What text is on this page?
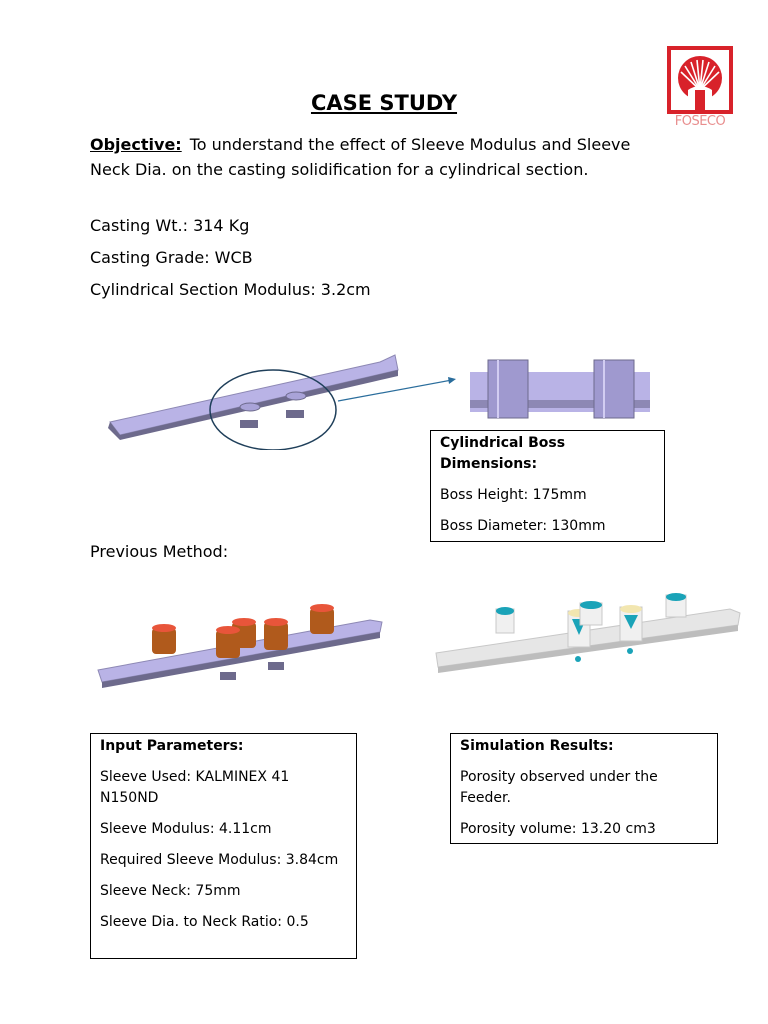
CASE STUDY
FOSECO
Objective: To understand the effect of Sleeve Modulus and Sleeve Neck Dia. on the casting solidification for a cylindrical section.
Casting Wt.: 314 Kg
Casting Grade: WCB
Cylindrical Section Modulus: 3.2cm

Cylindrical Boss Dimensions:

Boss Height: 175mm

Boss Diameter: 130mm

Previous Method:

Input Parameters:

Sleeve Used: KALMINEX 41 N150ND

Sleeve Modulus: 4.11cm

Required Sleeve Modulus: 3.84cm

Sleeve Neck: 75mm

Sleeve Dia. to Neck Ratio: 0.5

Simulation Results:

Porosity observed under the Feeder.

Porosity volume: 13.20 cm3
